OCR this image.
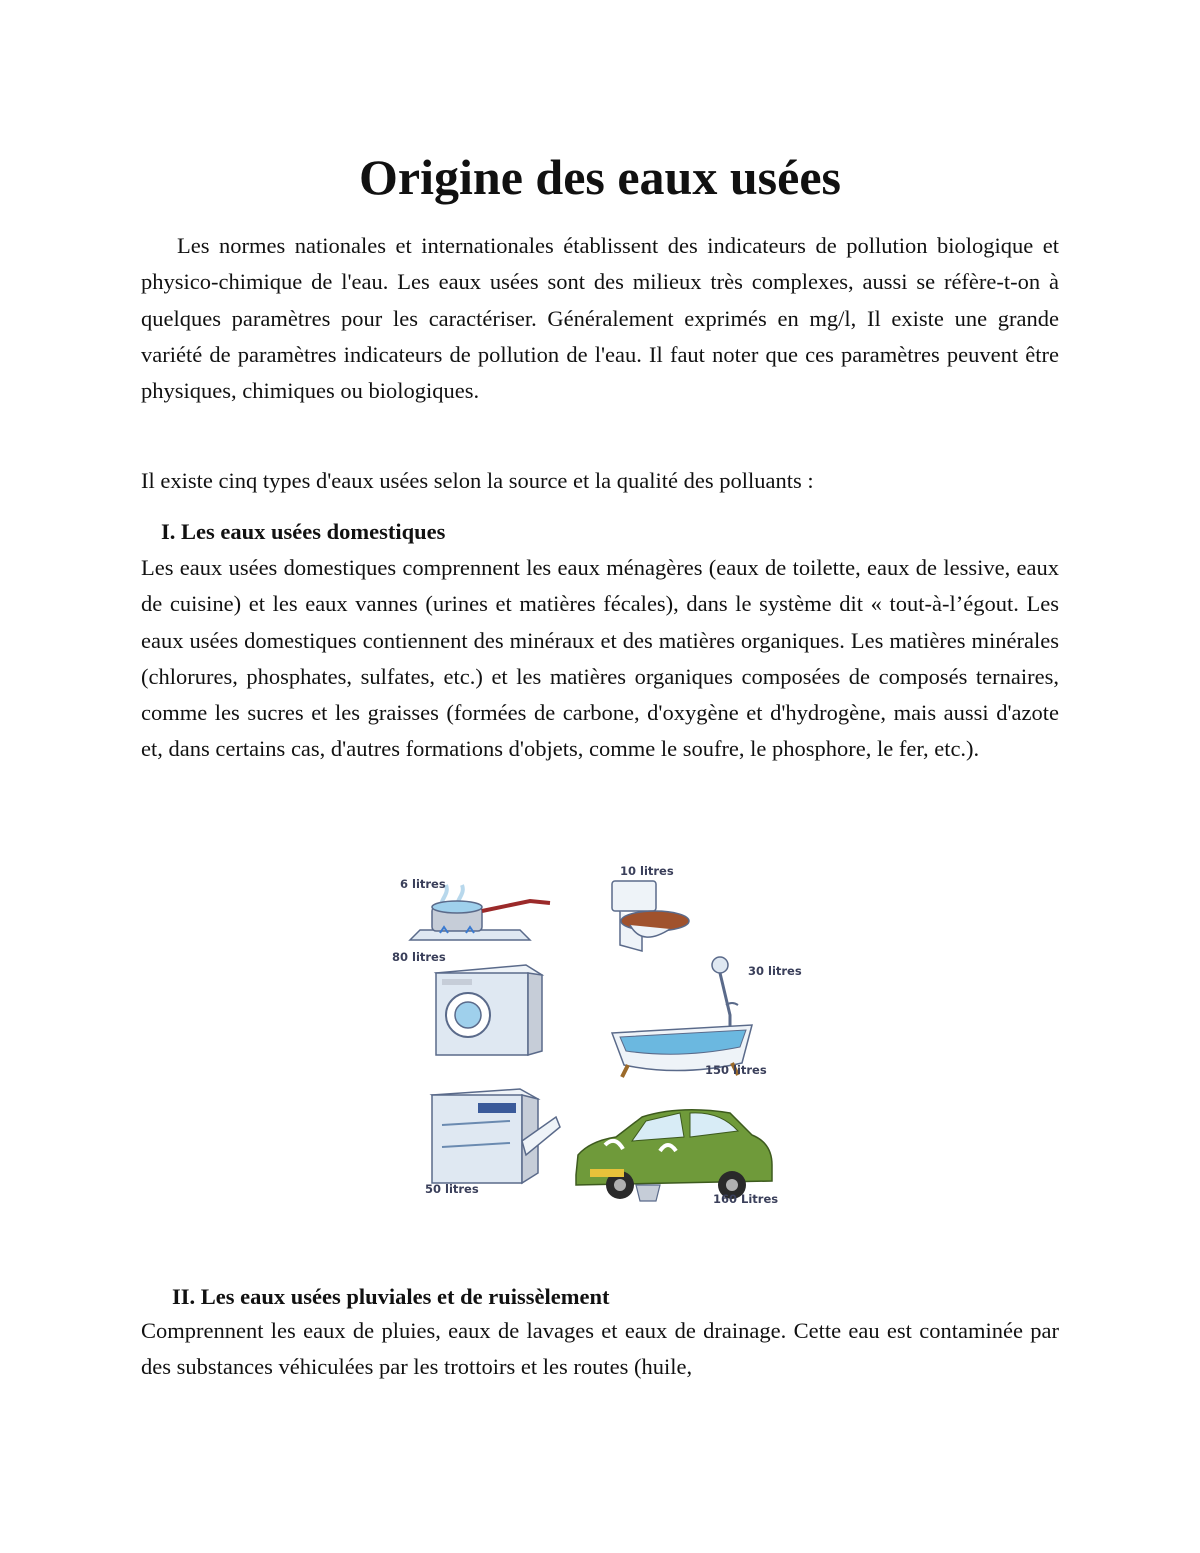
Origine des eaux usées

Les normes nationales et internationales établissent des indicateurs de pollution biologique et physico-chimique de l'eau. Les eaux usées sont des milieux très complexes, aussi se réfère-t-on à quelques paramètres pour les caractériser. Généralement exprimés en mg/l, Il existe une grande variété de paramètres indicateurs de pollution de l'eau. Il faut noter que ces paramètres peuvent être physiques, chimiques ou biologiques.

Il existe cinq types d'eaux usées selon la source et la qualité des polluants :

I. Les eaux usées domestiques

Les eaux usées domestiques comprennent les eaux ménagères (eaux de toilette, eaux de lessive, eaux de cuisine) et les eaux vannes (urines et matières fécales), dans le système dit « tout-à-l’égout. Les eaux usées domestiques contiennent des minéraux et des matières organiques. Les matières minérales (chlorures, phosphates, sulfates, etc.) et les matières organiques composées de composés ternaires, comme les sucres et les graisses (formées de carbone, d'oxygène et d'hydrogène, mais aussi d'azote et, dans certains cas, d'autres formations d'objets, comme le soufre, le phosphore, le fer, etc.).

6 litres
10 litres
80 litres
30 litres
150 litres
50 litres
160 Litres
II. Les eaux usées pluviales et de ruissèlement

Comprennent les eaux de pluies, eaux de lavages et eaux de drainage. Cette eau est contaminée par des substances véhiculées par les trottoirs et les routes (huile,
